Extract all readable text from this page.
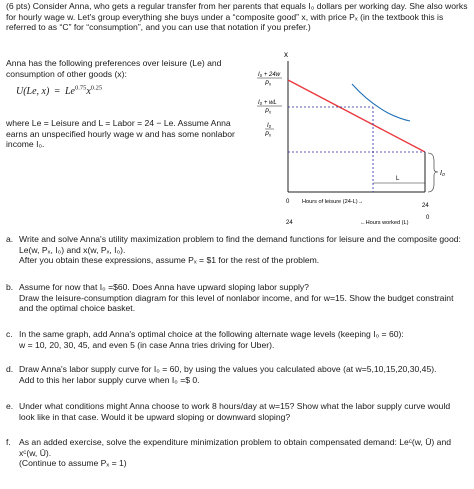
(6 pts) Consider Anna, who gets a regular transfer from her parents that equals I₀ dollars per working day. She also works for hourly wage w. Let's group everything she buys under a “composite good” x, with price Pₓ (in the textbook this is referred to as “C” for “consumption”, and you can use that notation if you prefer.)
Anna has the following preferences over leisure (Le) and consumption of other goods (x):
U(Le, $x) = Le^{0.75}x^{0.25}$
where Le = Leisure and L = Labor = 24 − Le. Assume Anna earns an unspecified hourly wage w and has some nonlabor income I₀.
x
L
I₀
I₀ + 24w
Pₓ
I₀ + wL
Pₓ
I₀
Pₓ
0 Hours of leisure (24-L)→
24
24	←Hours worked (L)
0
a. Write and solve Anna's utility maximization problem to find the demand functions for leisure and the composite good: Le(w, Pₓ, I₀) and x(w, Pₓ, I₀).
After you obtain these expressions, assume Pₓ = $1 for the rest of the problem.
b. Assume for now that I₀ =$60. Does Anna have upward sloping labor supply?
Draw the leisure-consumption diagram for this level of nonlabor income, and for w=15. Show the budget constraint and the optimal choice basket.
c. In the same graph, add Anna's optimal choice at the following alternate wage levels (keeping I₀ = 60):
w = 10, 20, 30, 45, and even 5 (in case Anna tries driving for Uber).
d. Draw Anna's labor supply curve for I₀ = 60, by using the values you calculated above (at w=5,10,15,20,30,45).
Add to this her labor supply curve when I₀ =$ 0.
e. Under what conditions might Anna choose to work 8 hours/day at w=15? Show what the labor supply curve would look like in that case. Would it be upward sloping or downward sloping?
f. As an added exercise, solve the expenditure minimization problem to obtain compensated demand: Leᶜ(w, Ū) and xᶜ(w, Ū).
(Continue to assume Pₓ = 1)
